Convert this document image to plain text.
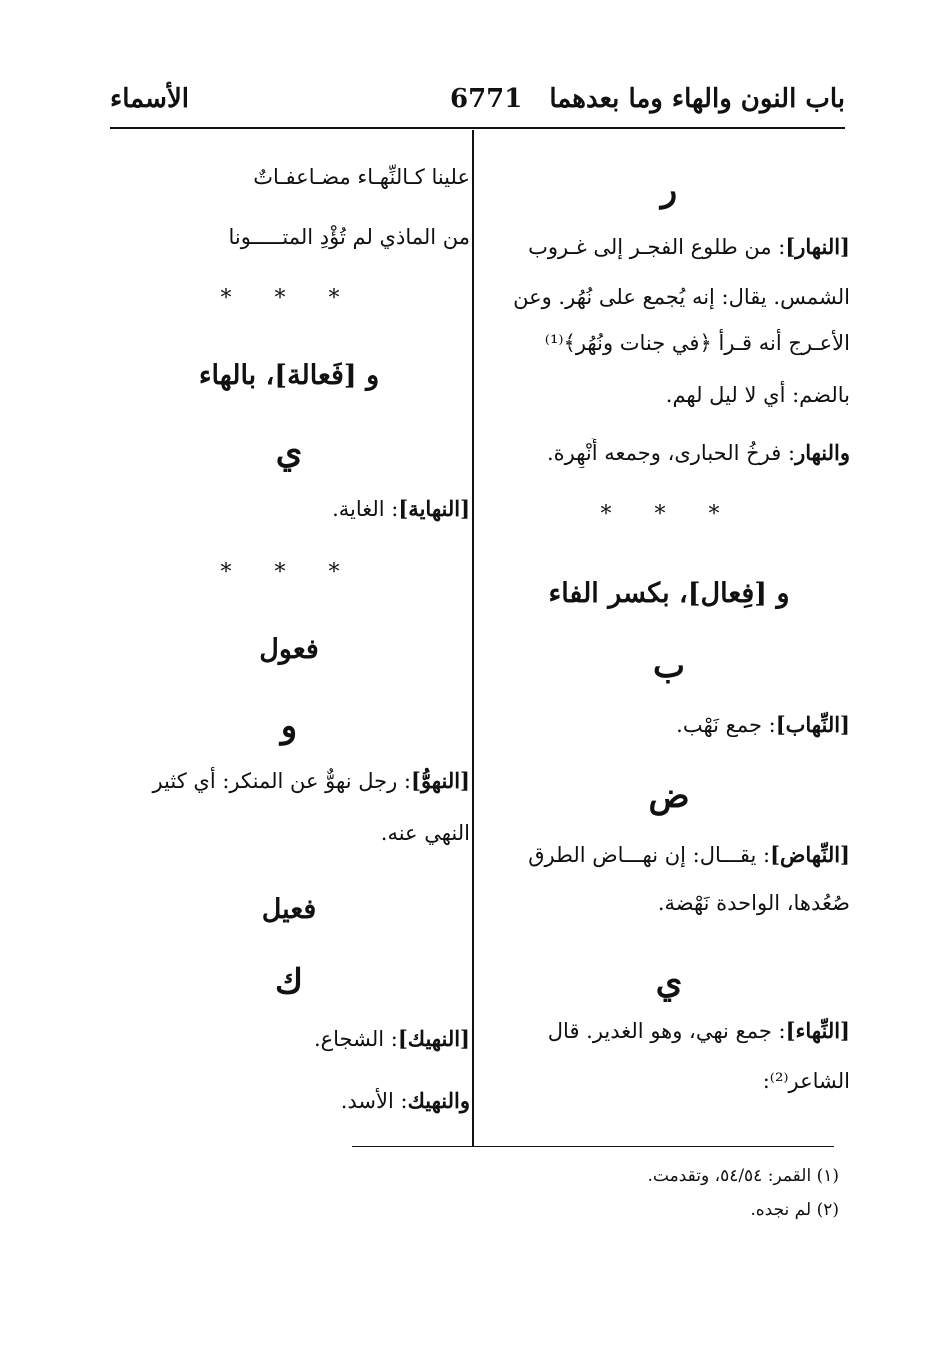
باب النون والهاء وما بعدهما
6771
الأسماء
ر
[النهار]: من طلوع الفجـر إلى غـروب
الشمس. يقال: إنه يُجمع على نُهُر. وعن
الأعـرج أنه قـرأ ﴿في جنات ونُهُر﴾⁽¹⁾
بالضم: أي لا ليل لهم.
والنهار: فرخُ الحبارى، وجمعه أَنْهِرة.
* * *
و [فِعال]، بكسر الفاء
ب
[النِّهاب]: جمع نَهْب.
ض
[النِّهاض]: يقـــال: إن نهـــاض الطرق
صُعُدها، الواحدة نَهْضة.
ي
[النِّهاء]: جمع نهي، وهو الغدير. قال
الشاعر⁽²⁾:
علينا كـالنِّهـاء مضـاعفـاتٌ
من الماذي لم تُؤْدِ المتـــــونا
* * *
و [فَعالة]، بالهاء
ي
[النهاية]: الغاية.
* * *
فعول
و
[النهوُّ]: رجل نهوٌّ عن المنكر: أي كثير
النهي عنه.
فعيل
ك
[النهيك]: الشجاع.
والنهيك: الأسد.
(١) القمر: ٥٤/٥٤، وتقدمت.
(٢) لم نجده.
